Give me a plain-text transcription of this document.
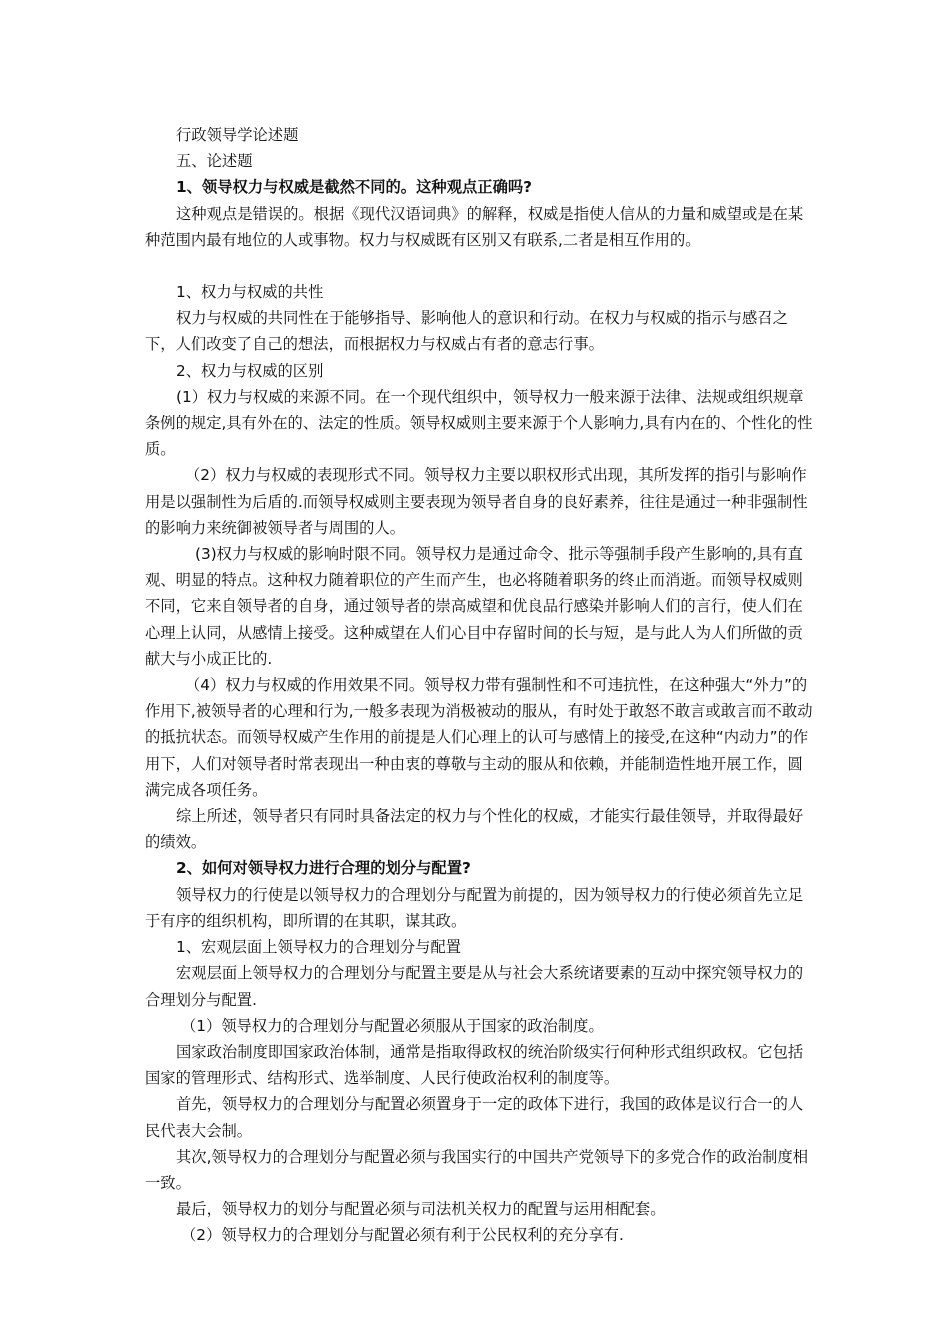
行政领导学论述题

五、论述题

1、领导权力与权威是截然不同的。这种观点正确吗?

这种观点是错误的。根据《现代汉语词典》的解释，权威是指使人信从的力量和威望或是在某种范围内最有地位的人或事物。权力与权威既有区别又有联系,二者是相互作用的。

1、权力与权威的共性

权力与权威的共同性在于能够指导、影响他人的意识和行动。在权力与权威的指示与感召之下，人们改变了自己的想法，而根据权力与权威占有者的意志行事。

2、权力与权威的区别

(1）权力与权威的来源不同。在一个现代组织中，领导权力一般来源于法律、法规或组织规章条例的规定,具有外在的、法定的性质。领导权威则主要来源于个人影响力,具有内在的、个性化的性质。

（2）权力与权威的表现形式不同。领导权力主要以职权形式出现，其所发挥的指引与影响作用是以强制性为后盾的.而领导权威则主要表现为领导者自身的良好素养，往往是通过一种非强制性的影响力来统御被领导者与周围的人。

(3)权力与权威的影响时限不同。领导权力是通过命令、批示等强制手段产生影响的,具有直观、明显的特点。这种权力随着职位的产生而产生，也必将随着职务的终止而消逝。而领导权威则不同，它来自领导者的自身，通过领导者的崇高威望和优良品行感染并影响人们的言行，使人们在心理上认同，从感情上接受。这种威望在人们心目中存留时间的长与短，是与此人为人们所做的贡献大与小成正比的.

（4）权力与权威的作用效果不同。领导权力带有强制性和不可违抗性，在这种强大“外力”的作用下,被领导者的心理和行为,一般多表现为消极被动的服从，有时处于敢怒不敢言或敢言而不敢动的抵抗状态。而领导权威产生作用的前提是人们心理上的认可与感情上的接受,在这种“内动力”的作用下，人们对领导者时常表现出一种由衷的尊敬与主动的服从和依赖，并能制造性地开展工作，圆满完成各项任务。

综上所述，领导者只有同时具备法定的权力与个性化的权威，才能实行最佳领导，并取得最好的绩效。

2、如何对领导权力进行合理的划分与配置?

领导权力的行使是以领导权力的合理划分与配置为前提的，因为领导权力的行使必须首先立足于有序的组织机构，即所谓的在其职，谋其政。

1、宏观层面上领导权力的合理划分与配置

宏观层面上领导权力的合理划分与配置主要是从与社会大系统诸要素的互动中探究领导权力的合理划分与配置.

（1）领导权力的合理划分与配置必须服从于国家的政治制度。

国家政治制度即国家政治体制，通常是指取得政权的统治阶级实行何种形式组织政权。它包括国家的管理形式、结构形式、选举制度、人民行使政治权利的制度等。

首先，领导权力的合理划分与配置必须置身于一定的政体下进行，我国的政体是议行合一的人民代表大会制。

其次,领导权力的合理划分与配置必须与我国实行的中国共产党领导下的多党合作的政治制度相一致。

最后，领导权力的划分与配置必须与司法机关权力的配置与运用相配套。

（2）领导权力的合理划分与配置必须有利于公民权利的充分享有.
